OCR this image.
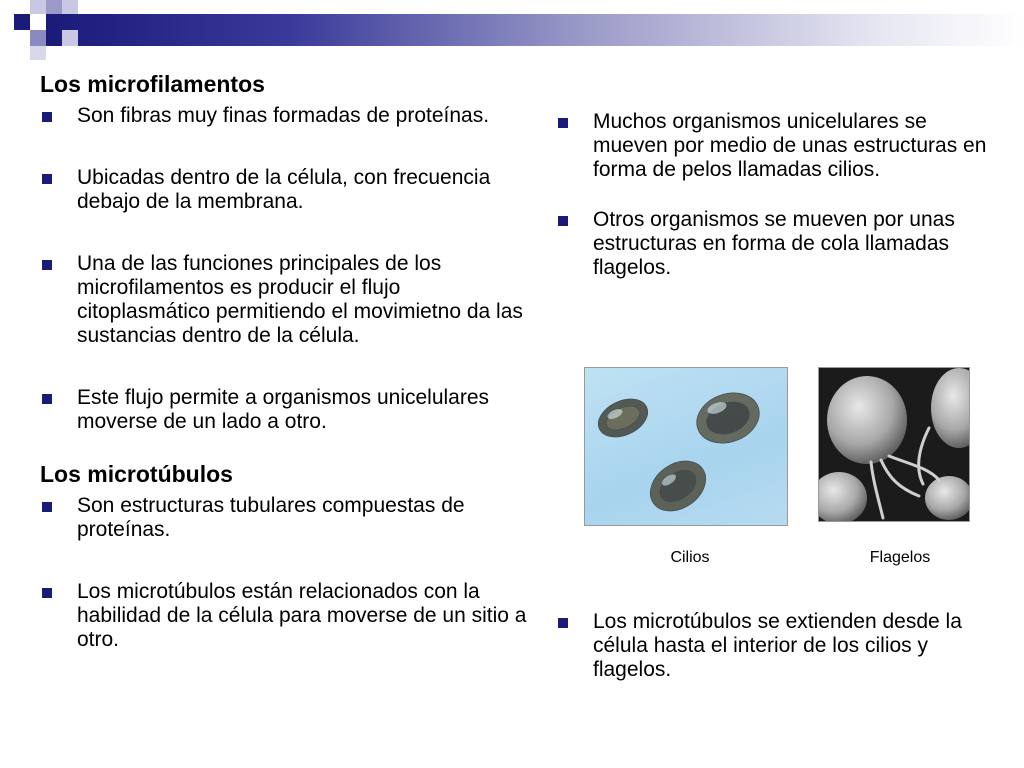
Los microfilamentos
Son fibras muy finas formadas de proteínas.
Ubicadas dentro de la célula, con frecuencia debajo de la membrana.
Una de las funciones principales de los microfilamentos es producir el flujo citoplasmático permitiendo el movimietno da las sustancias dentro de la célula.
Este flujo permite a organismos unicelulares moverse de un lado a otro.
Los microtúbulos
Son estructuras tubulares compuestas de proteínas.
Los microtúbulos están relacionados con la habilidad de la célula para moverse de un sitio a otro.
Muchos organismos unicelulares se mueven por medio de unas estructuras en forma de pelos llamadas cilios.
Otros organismos se mueven por unas estructuras en forma de cola llamadas flagelos.
Cilios	Flagelos
Los microtúbulos se extienden desde la célula hasta el interior de los cilios y flagelos.
